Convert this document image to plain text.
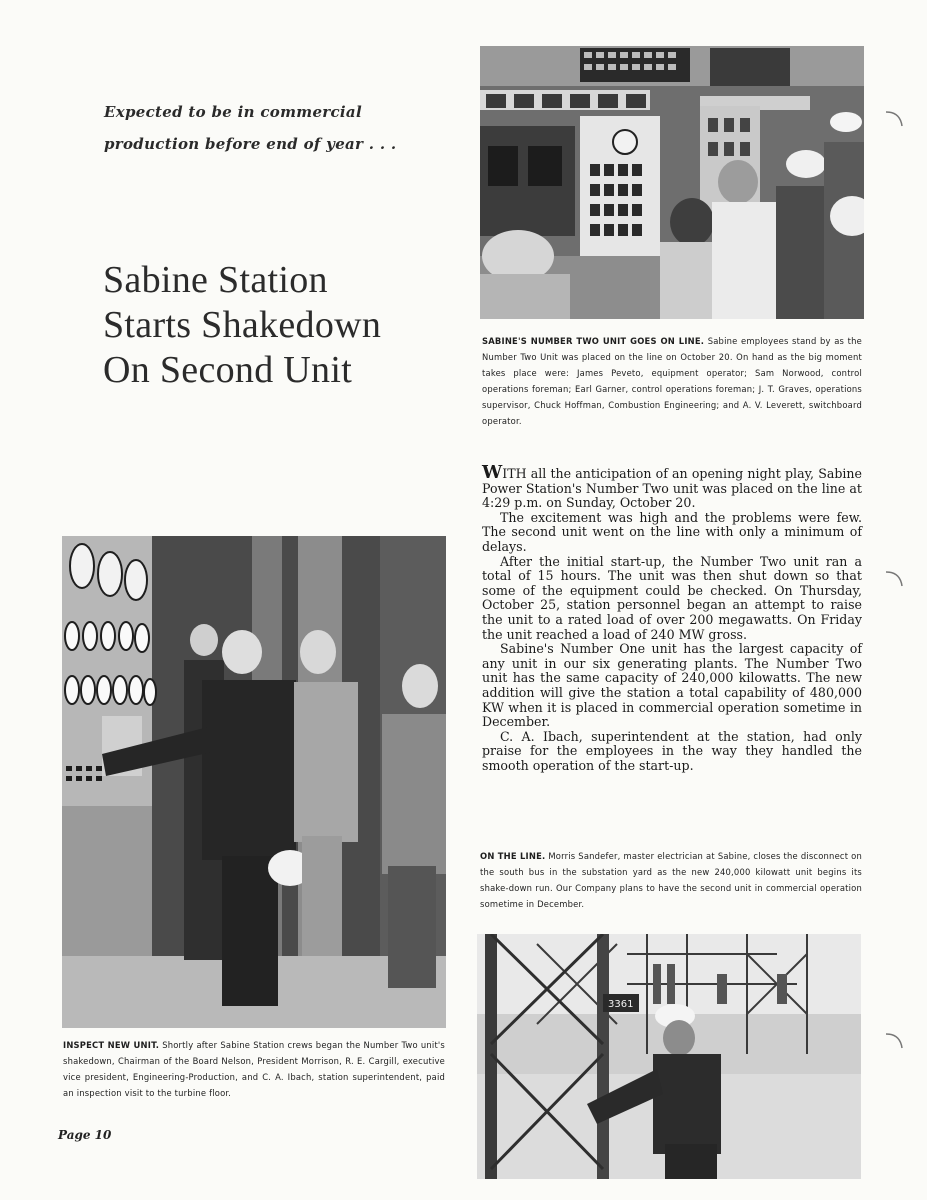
Expected to be in commercial
production before end of year . . .
Sabine Station
Starts Shakedown
On Second Unit
SABINE'S NUMBER TWO UNIT GOES ON LINE. Sabine employees stand by as the Number Two Unit was placed on the line on October 20. On hand as the big moment takes place were: James Peveto, equipment operator; Sam Norwood, control operations foreman; Earl Garner, control operations foreman; J. T. Graves, operations supervisor, Chuck Hoffman, Combustion Engineering; and A. V. Leverett, switchboard operator.

WITH all the anticipation of an opening night play, Sabine Power Station's Number Two unit was placed on the line at 4:29 p.m. on Sunday, October 20.

The excitement was high and the problems were few. The second unit went on the line with only a minimum of delays.

After the initial start-up, the Number Two unit ran a total of 15 hours. The unit was then shut down so that some of the equipment could be checked. On Thursday, October 25, station personnel began an attempt to raise the unit to a rated load of over 200 megawatts. On Friday the unit reached a load of 240 MW gross.

Sabine's Number One unit has the largest capacity of any unit in our six generating plants. The Number Two unit has the same capacity of 240,000 kilowatts. The new addition will give the station a total capability of 480,000 KW when it is placed in commercial operation sometime in December.

C. A. Ibach, superintendent at the station, had only praise for the employees in the way they handled the smooth operation of the start-up.

INSPECT NEW UNIT. Shortly after Sabine Station crews began the Number Two unit's shakedown, Chairman of the Board Nelson, President Morrison, R. E. Cargill, executive vice president, Engineering-Production, and C. A. Ibach, station superintendent, paid an inspection visit to the turbine floor.
ON THE LINE. Morris Sandefer, master electrician at Sabine, closes the disconnect on the south bus in the substation yard as the new 240,000 kilowatt unit begins its shake-down run. Our Company plans to have the second unit in commercial operation sometime in December.
3361
Page 10
